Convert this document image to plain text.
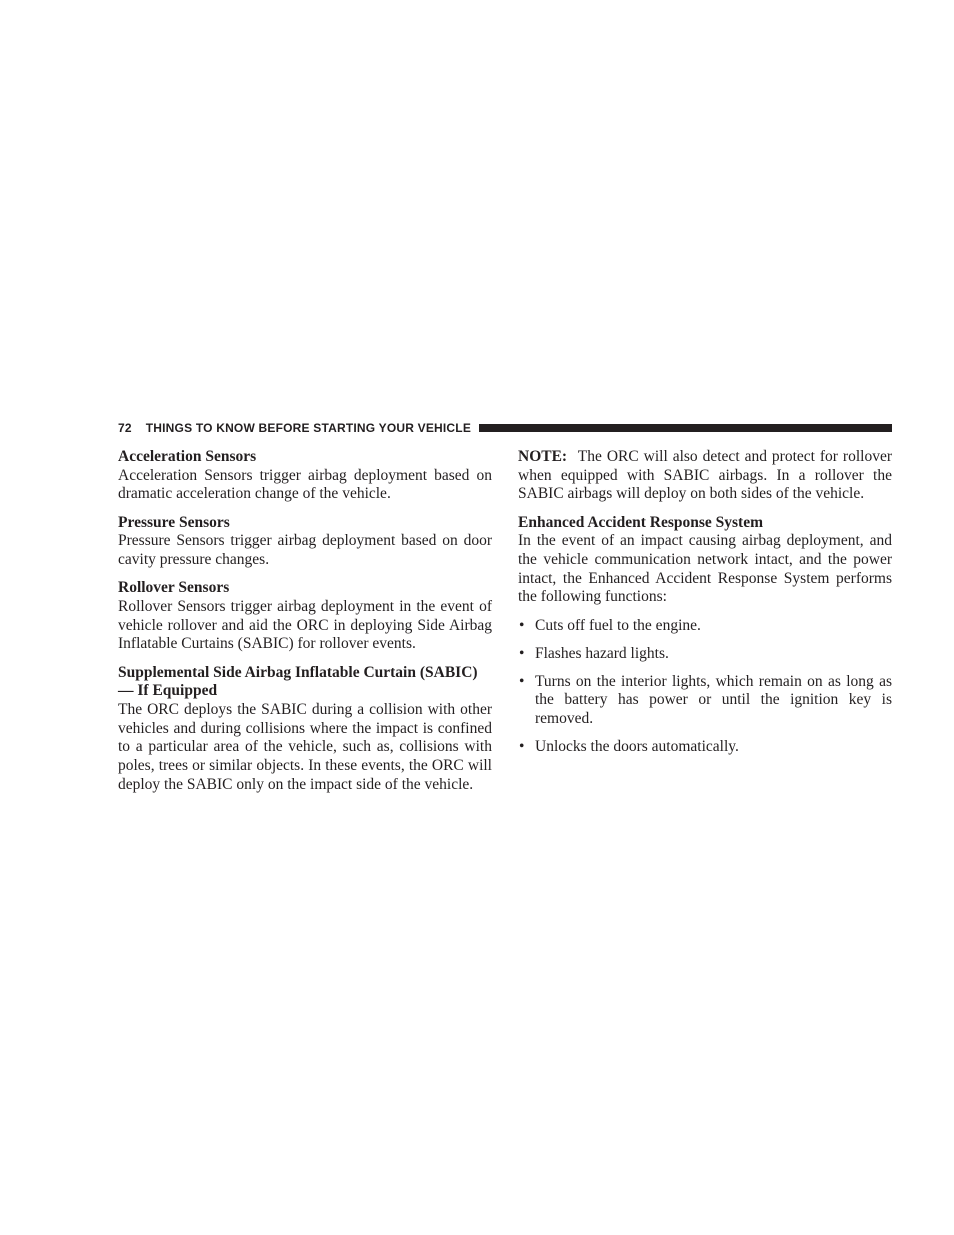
72 THINGS TO KNOW BEFORE STARTING YOUR VEHICLE
Acceleration Sensors
Acceleration Sensors trigger airbag deployment based on dramatic acceleration change of the vehicle.
Pressure Sensors
Pressure Sensors trigger airbag deployment based on door cavity pressure changes.
Rollover Sensors
Rollover Sensors trigger airbag deployment in the event of vehicle rollover and aid the ORC in deploying Side Airbag Inflatable Curtains (SABIC) for rollover events.
Supplemental Side Airbag Inflatable Curtain (SABIC) — If Equipped
The ORC deploys the SABIC during a collision with other vehicles and during collisions where the impact is confined to a particular area of the vehicle, such as, collisions with poles, trees or similar objects. In these events, the ORC will deploy the SABIC only on the impact side of the vehicle.
NOTE: The ORC will also detect and protect for rollover when equipped with SABIC airbags. In a rollover the SABIC airbags will deploy on both sides of the vehicle.
Enhanced Accident Response System
In the event of an impact causing airbag deployment, and the vehicle communication network intact, and the power intact, the Enhanced Accident Response System performs the following functions:
• Cuts off fuel to the engine.
• Flashes hazard lights.
• Turns on the interior lights, which remain on as long as the battery has power or until the ignition key is removed.
• Unlocks the doors automatically.
